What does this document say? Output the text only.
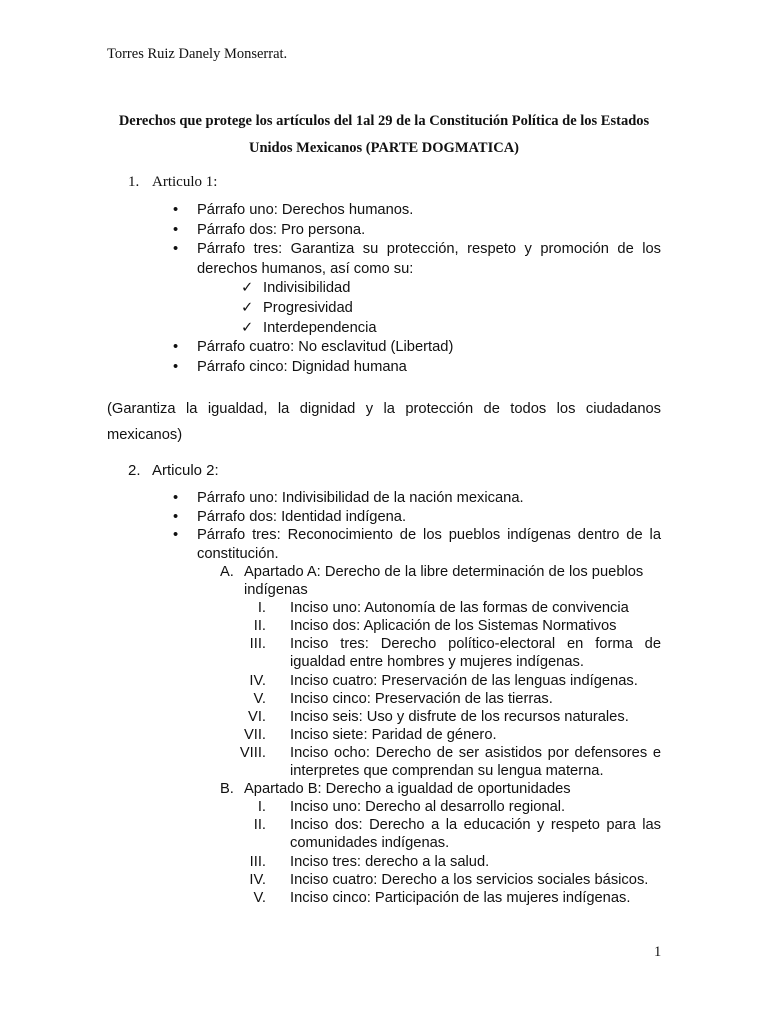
Torres Ruiz Danely Monserrat.
Derechos que protege los artículos del 1al 29 de la Constitución Política de los Estados
Unidos Mexicanos (PARTE DOGMATICA)
1. Articulo 1:
• Párrafo uno: Derechos humanos.
• Párrafo dos: Pro persona.
• Párrafo tres: Garantiza su protección, respeto y promoción de los derechos humanos, así como su:
✓ Indivisibilidad
✓ Progresividad
✓ Interdependencia
• Párrafo cuatro: No esclavitud (Libertad)
• Párrafo cinco: Dignidad humana
(Garantiza la igualdad, la dignidad y la protección de todos los ciudadanos mexicanos)
2. Articulo 2:
• Párrafo uno: Indivisibilidad de la nación mexicana.
• Párrafo dos: Identidad indígena.
• Párrafo tres: Reconocimiento de los pueblos indígenas dentro de la constitución.
A. Apartado A: Derecho de la libre determinación de los pueblos indígenas
I. Inciso uno: Autonomía de las formas de convivencia
II. Inciso dos: Aplicación de los Sistemas Normativos
III. Inciso tres: Derecho político-electoral en forma de igualdad entre hombres y mujeres indígenas.
IV. Inciso cuatro: Preservación de las lenguas indígenas.
V. Inciso cinco: Preservación de las tierras.
VI. Inciso seis: Uso y disfrute de los recursos naturales.
VII. Inciso siete: Paridad de género.
VIII. Inciso ocho: Derecho de ser asistidos por defensores e interpretes que comprendan su lengua materna.
B. Apartado B: Derecho a igualdad de oportunidades
I. Inciso uno: Derecho al desarrollo regional.
II. Inciso dos: Derecho a la educación y respeto para las comunidades indígenas.
III. Inciso tres: derecho a la salud.
IV. Inciso cuatro: Derecho a los servicios sociales básicos.
V. Inciso cinco: Participación de las mujeres indígenas.
1
